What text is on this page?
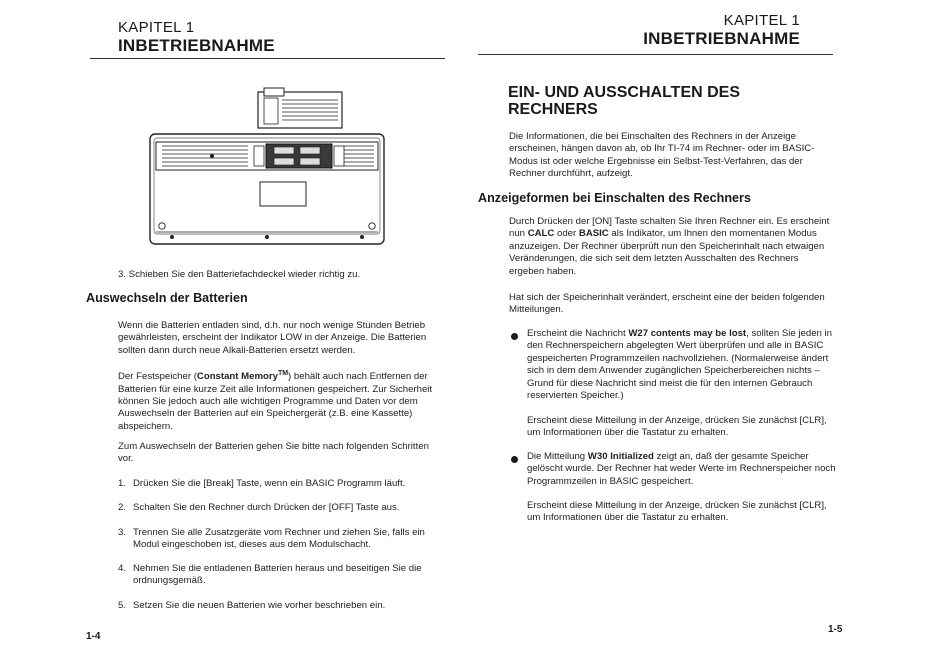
KAPITEL 1
INBETRIEBNAHME
3. Schieben Sie den Batteriefachdeckel wieder richtig zu.
Auswechseln der Batterien
Wenn die Batterien entladen sind, d.h. nur noch wenige Stunden Betrieb gewährleisten, erscheint der Indikator LOW in der Anzeige. Die Batterien sollten dann durch neue Alkali-Batterien ersetzt werden.
Der Festspeicher (Constant Memory™) behält auch nach Entfernen der Batterien für eine kurze Zeit alle Informationen gespeichert. Zur Sicherheit können Sie jedoch auch alle wichtigen Programme und Daten vor dem Auswechseln der Batterien auf ein Speichergerät (z.B. eine Kassette) abspeichern.
Zum Auswechseln der Batterien gehen Sie bitte nach folgenden Schritten vor.
1. Drücken Sie die [Break] Taste, wenn ein BASIC Programm läuft.
2. Schalten Sie den Rechner durch Drücken der [OFF] Taste aus.
3. Trennen Sie alle Zusatzgeräte vom Rechner und ziehen Sie, falls ein Modul eingeschoben ist, dieses aus dem Modulschacht.
4. Nehmen Sie die entladenen Batterien heraus und beseitigen Sie die ordnungsgemäß.
5. Setzen Sie die neuen Batterien wie vorher beschrieben ein.
1-4
KAPITEL 1
INBETRIEBNAHME
EIN- UND AUSSCHALTEN DES
RECHNERS
Die Informationen, die bei Einschalten des Rechners in der Anzeige erscheinen, hängen davon ab, ob Ihr TI-74 im Rechner- oder im BASIC-Modus ist oder welche Ergebnisse ein Selbst-Test-Verfahren, das der Rechner durchführt, aufzeigt.
Anzeigeformen bei Einschalten des Rechners
Durch Drücken der [ON] Taste schalten Sie Ihren Rechner ein. Es erscheint nun CALC oder BASIC als Indikator, um Ihnen den momentanen Modus anzuzeigen. Der Rechner überprüft nun den Speicherinhalt nach etwaigen Veränderungen, die sich seit dem letzten Ausschalten des Rechners ergeben haben.
Hat sich der Speicherinhalt verändert, erscheint eine der beiden folgenden Mitteilungen.
Erscheint die Nachricht W27 contents may be lost, sollten Sie jeden in den Rechnerspeichern abgelegten Wert überprüfen und alle in BASIC gespeicherten Programmzeilen nachvollziehen. (Normalerweise ändert sich in dem dem Anwender zugänglichen Speicherbereichen nichts – Grund für diese Nachricht sind meist die für den internen Gebrauch reservierten Speicher.)
Erscheint diese Mitteilung in der Anzeige, drücken Sie zunächst [CLR], um Informationen über die Tastatur zu erhalten.
Die Mitteilung W30 Initialized zeigt an, daß der gesamte Speicher gelöscht wurde. Der Rechner hat weder Werte im Rechnerspeicher noch Programmzeilen in BASIC gespeichert.
Erscheint diese Mitteilung in der Anzeige, drücken Sie zunächst [CLR], um Informationen über die Tastatur zu erhalten.
1-5
